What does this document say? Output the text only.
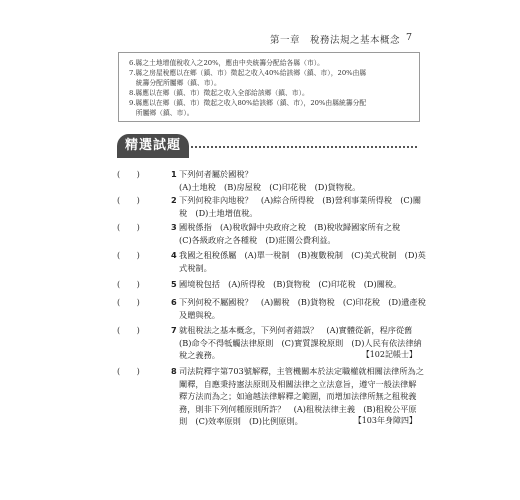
第一章　稅務法規之基本概念 7
6.縣之土地增值稅收入之20%，應由中央統籌分配給各縣（市）。
7.縣之房屋稅應以在鄉（鎮、市）徵起之收入40%給該鄉（鎮、市），20%由縣
　統籌分配所屬鄉（鎮、市）。
8.縣應以在鄉（鎮、市）徵起之收入全部給該鄉（鎮、市）。
9.縣應以在鄉（鎮、市）徵起之收入80%給該鄉（鎮、市），20%由縣統籌分配
　所屬鄉（鎮、市）。
精選試題
(　　)	1 下列何者屬於國稅？
(A)土地稅　(B)房屋稅　(C)印花稅　(D)貨物稅。
(　　)	2 下列何稅非內地稅？　(A)綜合所得稅　(B)營利事業所得稅　(C)關
稅　(D)土地增值稅。
(　　)	3 國稅係指　(A)稅收歸中央政府之稅　(B)稅收歸國家所有之稅
(C)各級政府之各種稅　(D)莊園公費利益。
(　　)	4 我國之租稅係屬　(A)單一稅制　(B)複數稅制　(C)美式稅制　(D)英
式稅制。
(　　)	5 國境稅包括　(A)所得稅　(B)貨物稅　(C)印花稅　(D)關稅。
(　　)	6 下列何稅不屬國稅？　(A)關稅　(B)貨物稅　(C)印花稅　(D)遺產稅
及贈與稅。
(　　)	7 就租稅法之基本概念，下列何者錯誤？　(A)實體從新，程序從舊
(B)命令不得牴觸法律原則　(C)實質課稅原則　(D)人民有依法律納
稅之義務。	【102記帳士】
(　　)	8 司法院釋字第703號解釋，主管機關本於法定職權就相關法律所為之
闡釋，自應秉持憲法原則及相關法律之立法意旨，遵守一般法律解
釋方法而為之；如逾越法律解釋之範圍，而增加法律所無之租稅義
務，則非下列何種原則所許？　(A)租稅法律主義　(B)租稅公平原
則　(C)效率原則　(D)比例原則。	【103年身障四】
